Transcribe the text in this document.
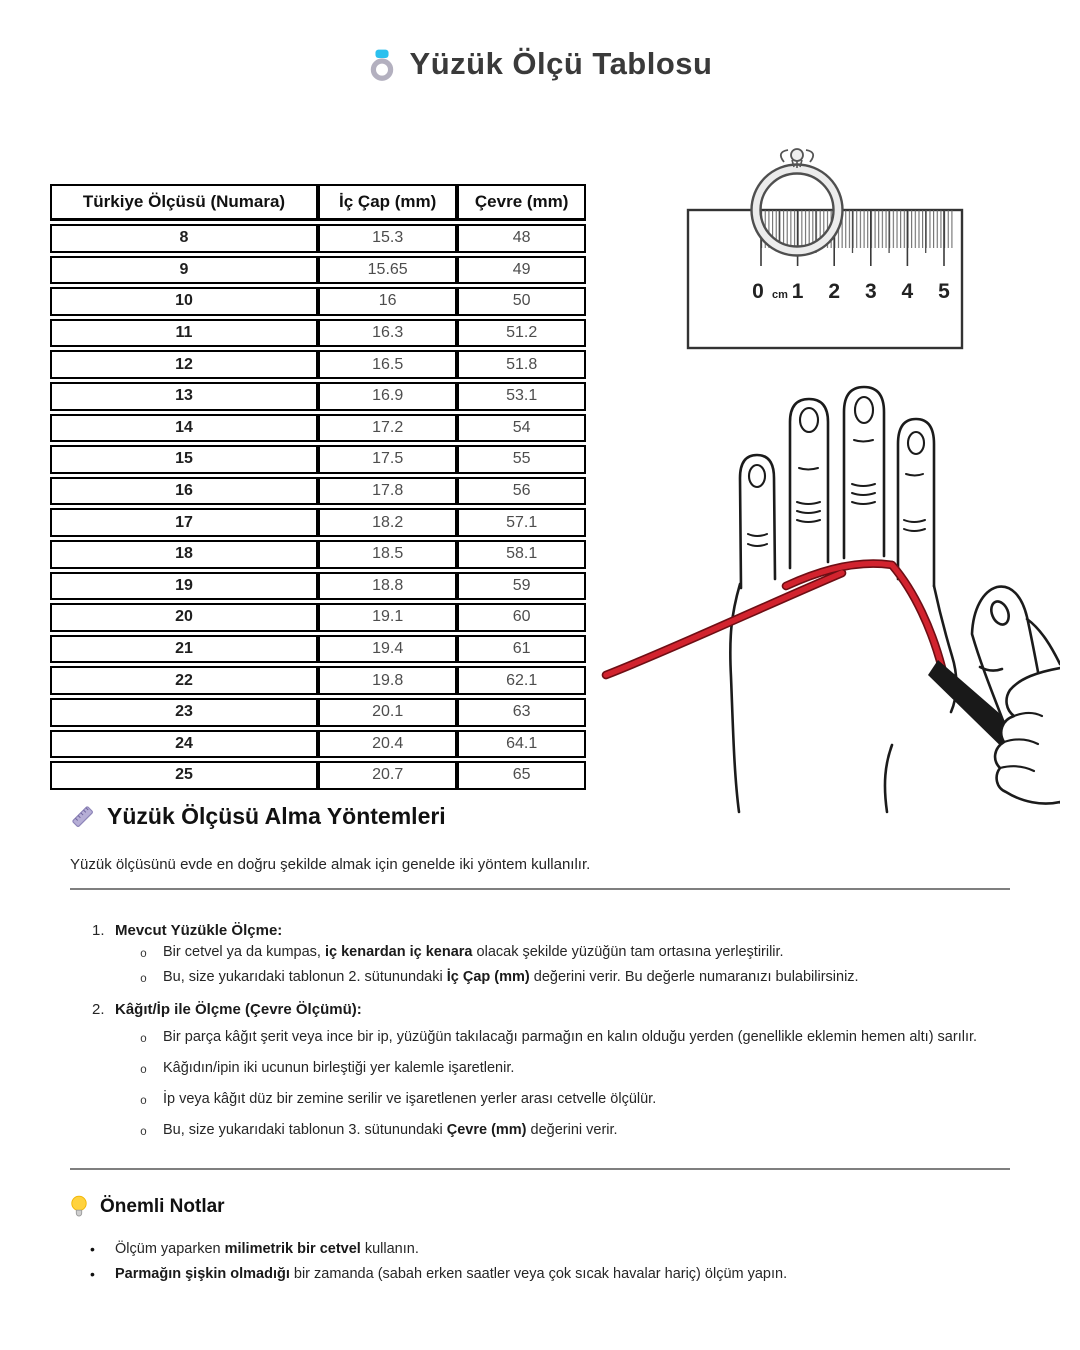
Yüzük Ölçü Tablosu
Türkiye Ölçüsü (Numara)	İç Çap (mm)	Çevre (mm)
8	15.3	48
9	15.65	49
10	16	50
11	16.3	51.2
12	16.5	51.8
13	16.9	53.1
14	17.2	54
15	17.5	55
16	17.8	56
17	18.2	57.1
18	18.5	58.1
19	18.8	59
20	19.1	60
21	19.4	61
22	19.8	62.1
23	20.1	63
24	20.4	64.1
25	20.7	65
0 cm 1 2 3 4 5
Yüzük Ölçüsü Alma Yöntemleri

Yüzük ölçüsünü evde en doğru şekilde almak için genelde iki yöntem kullanılır.

1. Mevcut Yüzükle Ölçme:
o	Bir cetvel ya da kumpas, iç kenardan iç kenara olacak şekilde yüzüğün tam ortasına yerleştirilir.
o	Bu, size yukarıdaki tablonun 2. sütunundaki İç Çap (mm) değerini verir. Bu değerle numaranızı bulabilirsiniz.
2. Kâğıt/İp ile Ölçme (Çevre Ölçümü):
o	Bir parça kâğıt şerit veya ince bir ip, yüzüğün takılacağı parmağın en kalın olduğu yerden (genellikle eklemin hemen altı) sarılır.
o	Kâğıdın/ipin iki ucunun birleştiği yer kalemle işaretlenir.
o	İp veya kâğıt düz bir zemine serilir ve işaretlenen yerler arası cetvelle ölçülür.
o	Bu, size yukarıdaki tablonun 3. sütunundaki Çevre (mm) değerini verir.
Önemli Notlar
•	Ölçüm yaparken milimetrik bir cetvel kullanın.
•	Parmağın şişkin olmadığı bir zamanda (sabah erken saatler veya çok sıcak havalar hariç) ölçüm yapın.
